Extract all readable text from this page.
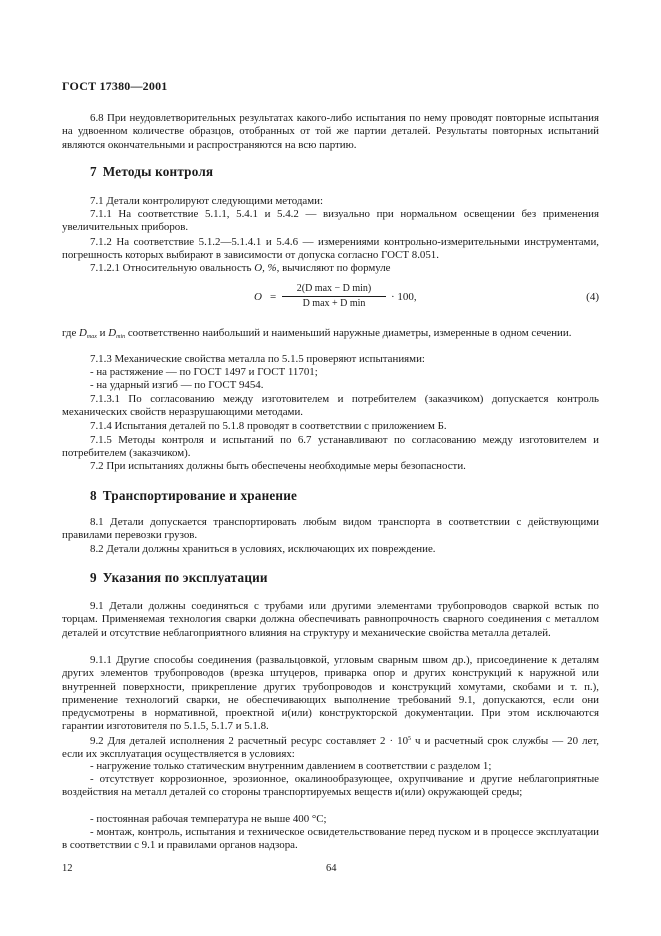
ГОСТ 17380—2001
6.8 При неудовлетворительных результатах какого-либо испытания по нему проводят повторные испытания на удвоенном количестве образцов, отобранных от той же партии деталей. Результаты повторных испытаний являются окончательными и распространяются на всю партию.
7 Методы контроля
7.1 Детали контролируют следующими методами:
7.1.1 На соответствие 5.1.1, 5.4.1 и 5.4.2 — визуально при нормальном освещении без применения увеличительных приборов.
7.1.2 На соответствие 5.1.2—5.1.4.1 и 5.4.6 — измерениями контрольно-измерительными инструментами, погрешность которых выбирают в зависимости от допуска согласно ГОСТ 8.051.
7.1.2.1 Относительную овальность O, %, вычисляют по формуле
O =
2(D max − D min)
D max + D min
· 100,	(4)
где $D_{max}$ и $D_{min}$ соответственно наибольший и наименьший наружные диаметры, измеренные в одном сечении.
7.1.3 Механические свойства металла по 5.1.5 проверяют испытаниями:
- на растяжение — по ГОСТ 1497 и ГОСТ 11701;
- на ударный изгиб — по ГОСТ 9454.
7.1.3.1 По согласованию между изготовителем и потребителем (заказчиком) допускается контроль механических свойств неразрушающими методами.
7.1.4 Испытания деталей по 5.1.8 проводят в соответствии с приложением Б.
7.1.5 Методы контроля и испытаний по 6.7 устанавливают по согласованию между изготовителем и потребителем (заказчиком).
7.2 При испытаниях должны быть обеспечены необходимые меры безопасности.
8 Транспортирование и хранение
8.1 Детали допускается транспортировать любым видом транспорта в соответствии с действующими правилами перевозки грузов.
8.2 Детали должны храниться в условиях, исключающих их повреждение.
9 Указания по эксплуатации
9.1 Детали должны соединяться с трубами или другими элементами трубопроводов сваркой встык по торцам. Применяемая технология сварки должна обеспечивать равнопрочность сварного соединения с металлом деталей и отсутствие неблагоприятного влияния на структуру и механические свойства металла деталей.
9.1.1 Другие способы соединения (развальцовкой, угловым сварным швом др.), присоединение к деталям других элементов трубопроводов (врезка штуцеров, приварка опор и других конструкций к наружной или внутренней поверхности, прикрепление других трубопроводов и конструкций хомутами, скобами и т. п.), применение технологий сварки, не обеспечивающих выполнение требований 9.1, допускаются, если они предусмотрены в нормативной, проектной и(или) конструкторской документации. При этом исключаются гарантии изготовителя по 5.1.5, 5.1.7 и 5.1.8.
9.2 Для деталей исполнения 2 расчетный ресурс составляет $2 \cdot 10^5$ ч и расчетный срок службы — 20 лет, если их эксплуатация осуществляется в условиях:
- нагружение только статическим внутренним давлением в соответствии с разделом 1;
- отсутствует коррозионное, эрозионное, окалинообразующее, охрупчивание и другие неблагоприятные воздействия на металл деталей со стороны транспортируемых веществ и(или) окружающей среды;
- постоянная рабочая температура не выше 400 °C;
- монтаж, контроль, испытания и техническое освидетельствование перед пуском и в процессе эксплуатации в соответствии с 9.1 и правилами органов надзора.
12	64
